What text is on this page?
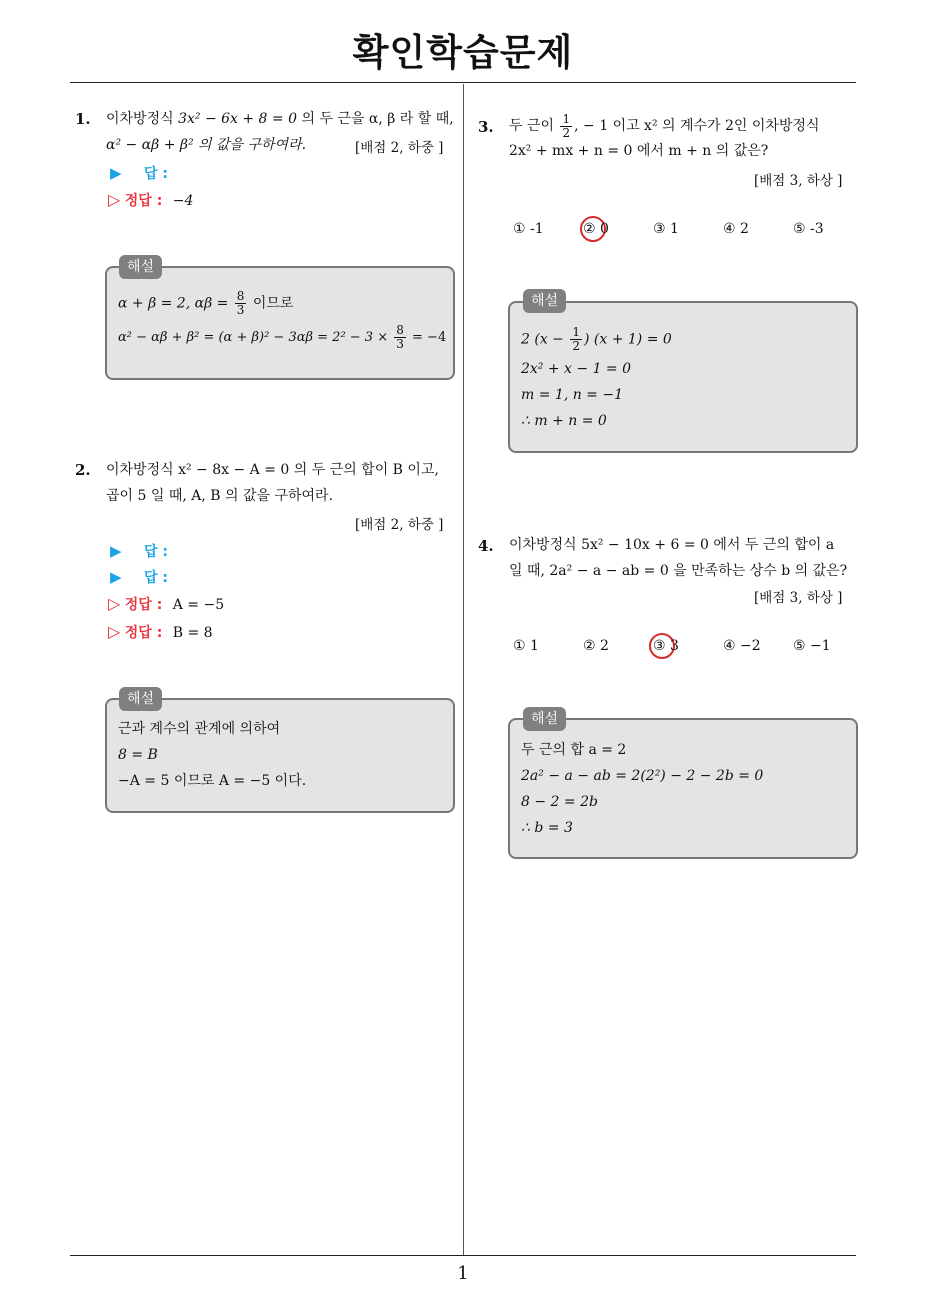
확인학습문제
1. 이차방정식 3x² − 6x + 8 = 0 의 두 근을 α, β 라 할 때,
α² − αβ + β² 의 값을 구하여라.	[배점 2, 하중 ]
▶ 답 :
▷ 정답 : −4
해설
α + β = 2, $\alpha\beta = \frac{8}{3}$ 이므로
$\alpha^2 - \alpha\beta + \beta^2 = (\alpha + \beta)^2 - 3\alpha\beta = 2^2 - 3 \times \frac{8}{3} = -4$
2. 이차방정식 x² − 8x − A = 0 의 두 근의 합이 B 이고,
곱이 5 일 때, A, B 의 값을 구하여라.
[배점 2, 하중 ]
▶ 답 :
▶ 답 :
▷ 정답 : A = −5
▷ 정답 : B = 8
해설
근과 계수의 관계에 의하여
8 = B
−A = 5 이므로 A = −5 이다.
3. 두 근이 $\frac{1}{2}$ , − 1 이고 x² 의 계수가 2인 이차방정식
2x² + mx + n = 0 에서 m + n 의 값은?
[배점 3, 하상 ]
① -1	② 0	③ 1	④ 2	⑤ -3
해설
2 ($x - \frac{1}{2}$ ) (x + 1) = 0
2x² + x − 1 = 0
m = 1, n = −1
∴ m + n = 0
4. 이차방정식 5x² − 10x + 6 = 0 에서 두 근의 합이 a
일 때, 2a² − a − ab = 0 을 만족하는 상수 b 의 값은?
[배점 3, 하상 ]
① 1	② 2	③ 3	④ −2 ⑤ −1
해설
두 근의 합 a = 2
2a² − a − ab = 2(2²) − 2 − 2b = 0
8 − 2 = 2b
∴ b = 3
1
